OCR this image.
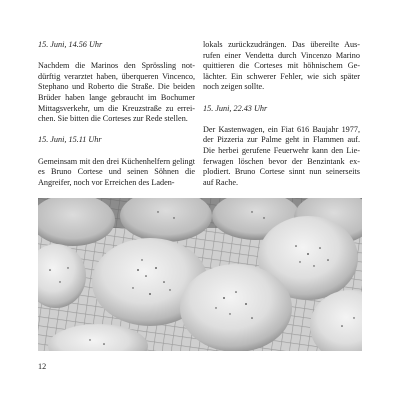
15. Juni, 14.56 Uhr

Nachdem die Marinos den Sprössling notdürftig verarztet haben, überqueren Vincenco, Stephano und Roberto die Straße. Die beiden Brüder haben lange gebraucht im Bochumer Mittagsverkehr, um die Kreuzstraße zu erreichen. Sie bitten die Corteses zur Rede stellen.

15. Juni, 15.11 Uhr

Gemeinsam mit den drei Küchenhelfern gelingt es Bruno Cortese und seinen Söhnen die Angreifer, noch vor Erreichen des Laden-

lokals zurückzudrängen. Das übereilte Ausrufen einer Vendetta durch Vincenzo Marino quittieren die Corteses mit höhnischem Gelächter. Ein schwerer Fehler, wie sich später noch zeigen sollte.

15. Juni, 22.43 Uhr

Der Kastenwagen, ein Fiat 616 Baujahr 1977, der Pizzeria zur Palme geht in Flammen auf. Die herbei gerufene Feuerwehr kann den Lieferwagen löschen bevor der Benzintank explodiert. Bruno Cortese sinnt nun seinerseits auf Rache.

12
